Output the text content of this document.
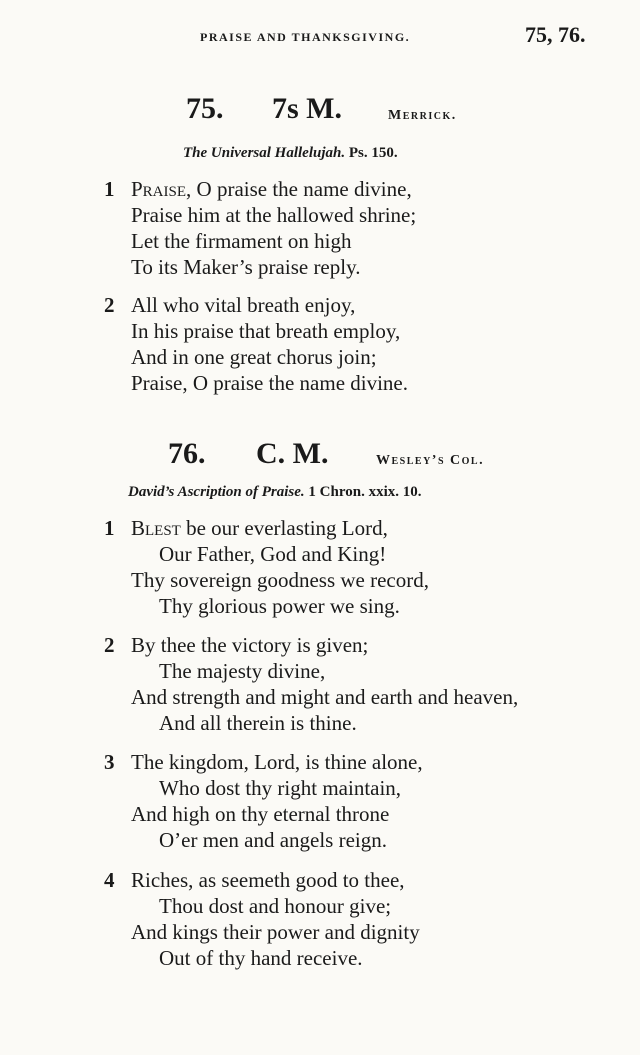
PRAISE AND THANKSGIVING.	75, 76.
75. 7s M.	Merrick.
The Universal Hallelujah. Ps. 150.
1 Praise, O praise the name divine,
Praise him at the hallowed shrine;
Let the firmament on high
To its Maker’s praise reply.
2 All who vital breath enjoy,
In his praise that breath employ,
And in one great chorus join;
Praise, O praise the name divine.
76. C. M.	Wesley’s Col.
David’s Ascription of Praise. 1 Chron. xxix. 10.
1 Blest be our everlasting Lord,
Our Father, God and King!
Thy sovereign goodness we record,
Thy glorious power we sing.
2 By thee the victory is given;
The majesty divine,
And strength and might and earth and heaven,
And all therein is thine.
3 The kingdom, Lord, is thine alone,
Who dost thy right maintain,
And high on thy eternal throne
O’er men and angels reign.
4 Riches, as seemeth good to thee,
Thou dost and honour give;
And kings their power and dignity
Out of thy hand receive.
